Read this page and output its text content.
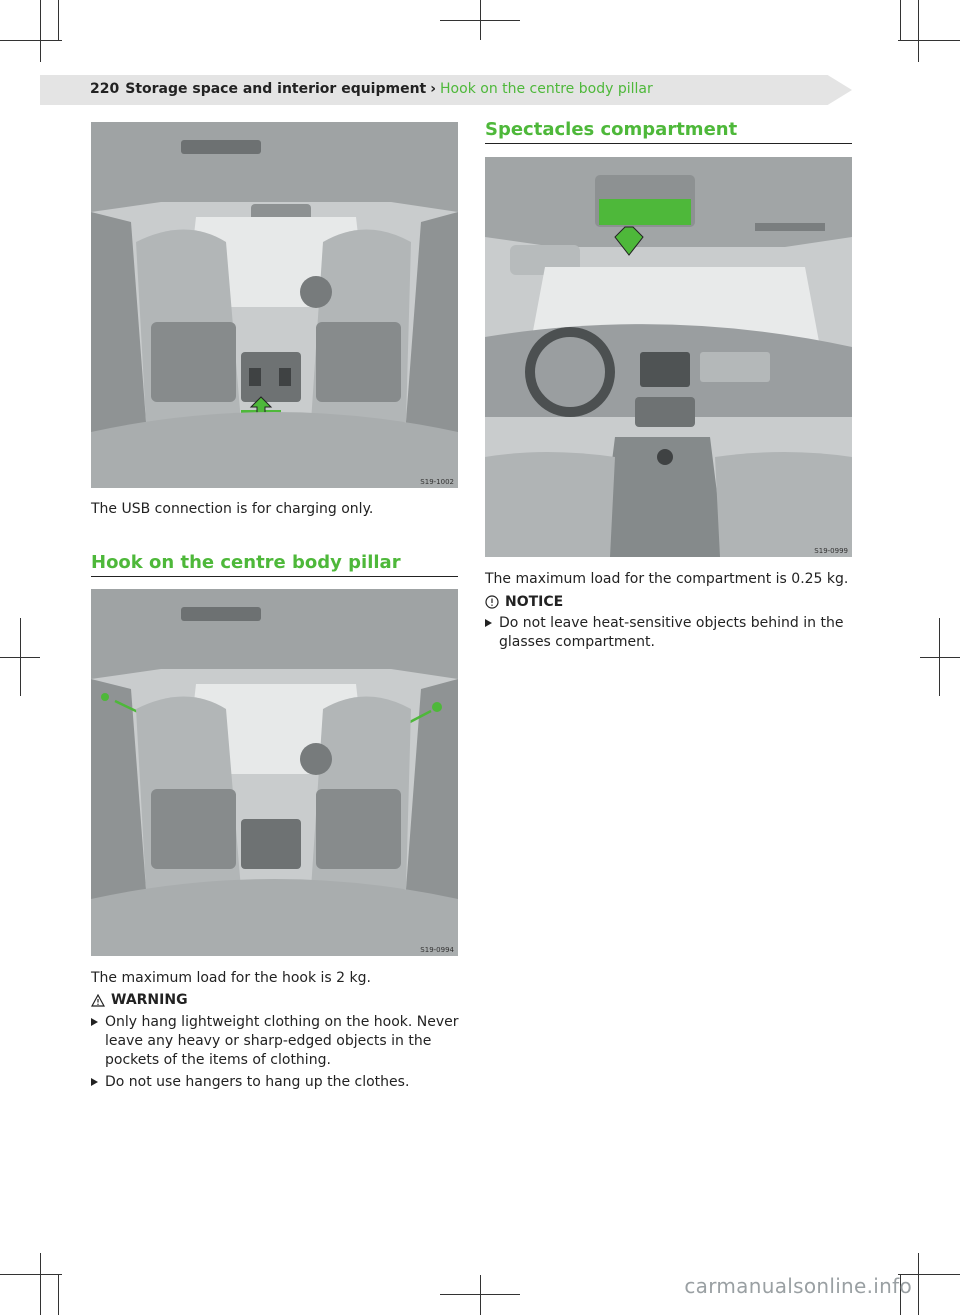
220 Storage space and interior equipment › Hook on the centre body pillar
S19-1002
The USB connection is for charging only.
Hook on the centre body pillar
S19-0994
The maximum load for the hook is 2 kg.
WARNING
Only hang lightweight clothing on the hook. Never leave any heavy or sharp-edged objects in the pockets of the items of clothing.
Do not use hangers to hang up the clothes.
Spectacles compartment
S19-0999
The maximum load for the compartment is 0.25 kg.
NOTICE
Do not leave heat-sensitive objects behind in the glasses compartment.
carmanualsonline.info
